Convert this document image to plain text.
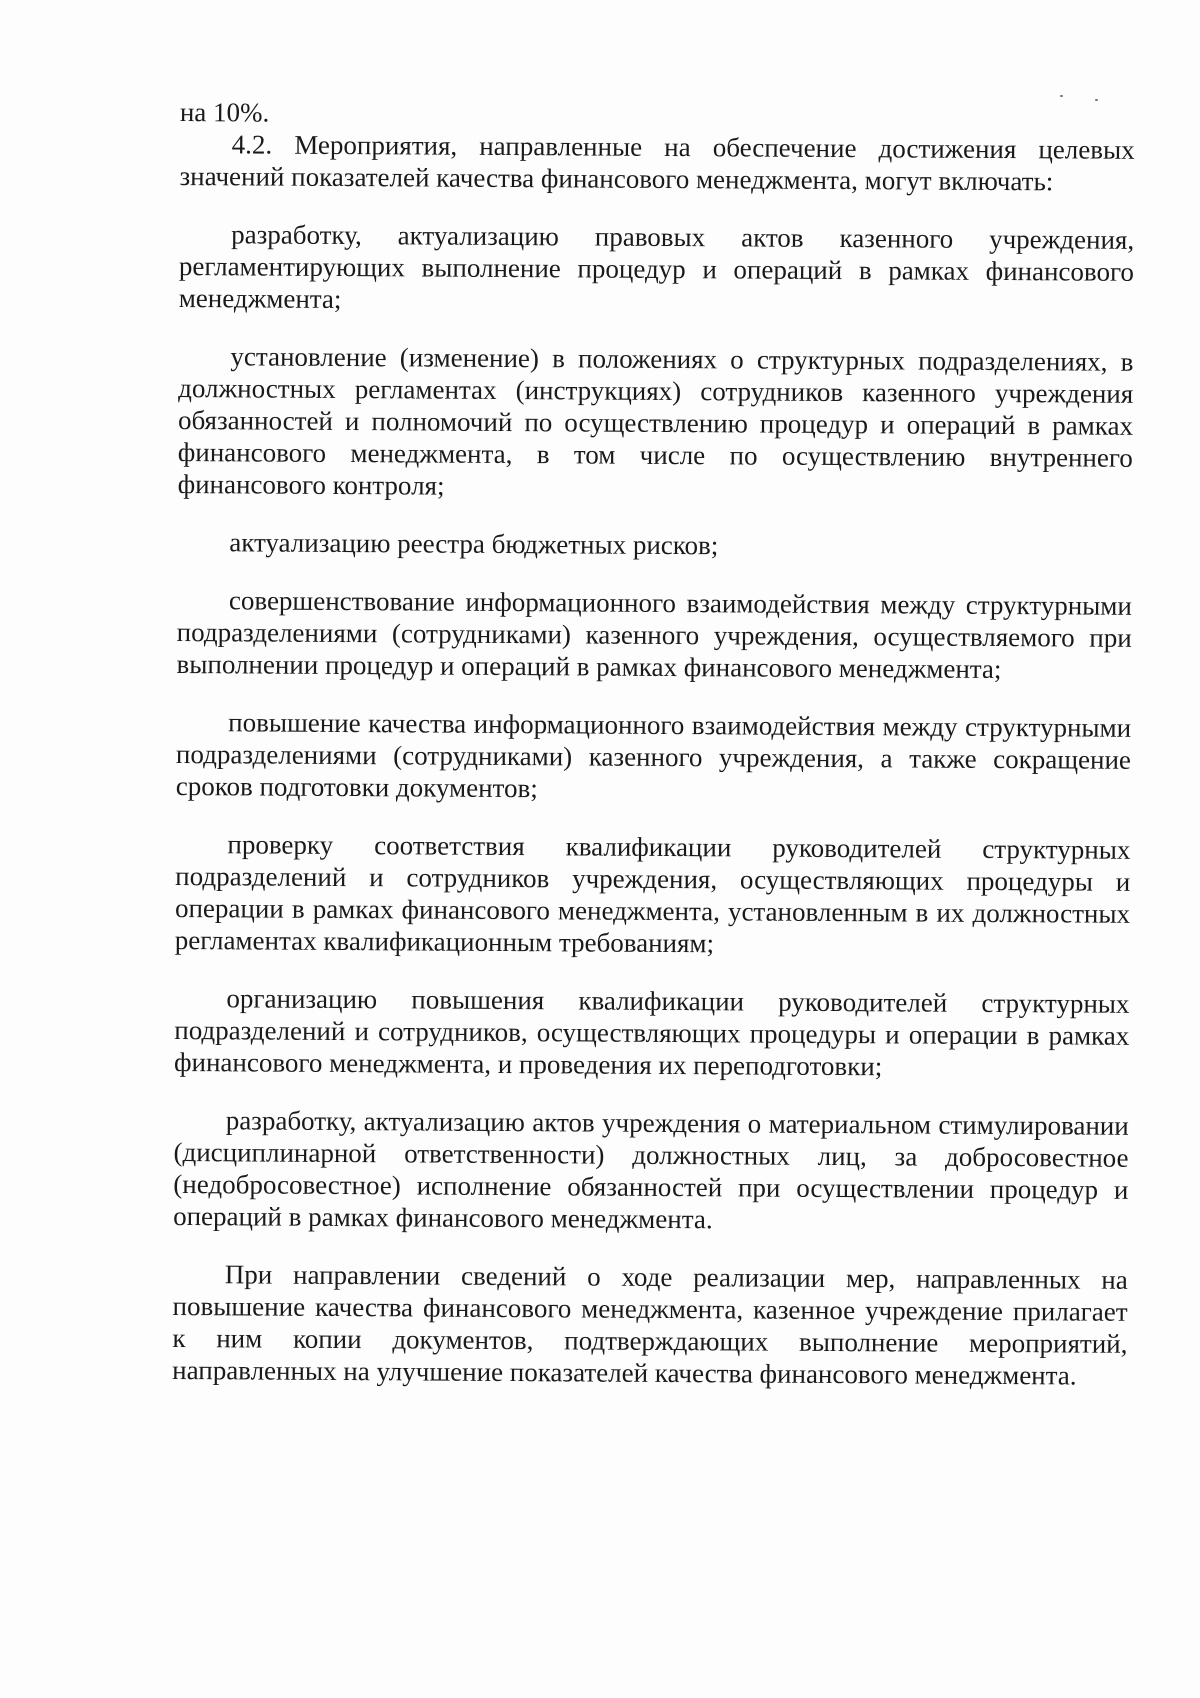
на 10%.

4.2. Мероприятия, направленные на обеспечение достижения целевых значений показателей качества финансового менеджмента, могут включать:

разработку, актуализацию правовых актов казенного учреждения, регламентирующих выполнение процедур и операций в рамках финансового менеджмента;

установление (изменение) в положениях о структурных подразделениях, в должностных регламентах (инструкциях) сотрудников казенного учреждения обязанностей и полномочий по осуществлению процедур и операций в рамках финансового менеджмента, в том числе по осуществлению внутреннего финансового контроля;

актуализацию реестра бюджетных рисков;

совершенствование информационного взаимодействия между структурными подразделениями (сотрудниками) казенного учреждения, осуществляемого при выполнении процедур и операций в рамках финансового менеджмента;

повышение качества информационного взаимодействия между структурными подразделениями (сотрудниками) казенного учреждения, а также сокращение сроков подготовки документов;

проверку соответствия квалификации руководителей структурных подразделений и сотрудников учреждения, осуществляющих процедуры и операции в рамках финансового менеджмента, установленным в их должностных регламентах квалификационным требованиям;

организацию повышения квалификации руководителей структурных подразделений и сотрудников, осуществляющих процедуры и операции в рамках финансового менеджмента, и проведения их переподготовки;

разработку, актуализацию актов учреждения о материальном стимулировании (дисциплинарной ответственности) должностных лиц, за добросовестное (недобросовестное) исполнение обязанностей при осуществлении процедур и операций в рамках финансового менеджмента.

При направлении сведений о ходе реализации мер, направленных на повышение качества финансового менеджмента, казенное учреждение прилагает к ним копии документов, подтверждающих выполнение мероприятий, направленных на улучшение показателей качества финансового менеджмента.
